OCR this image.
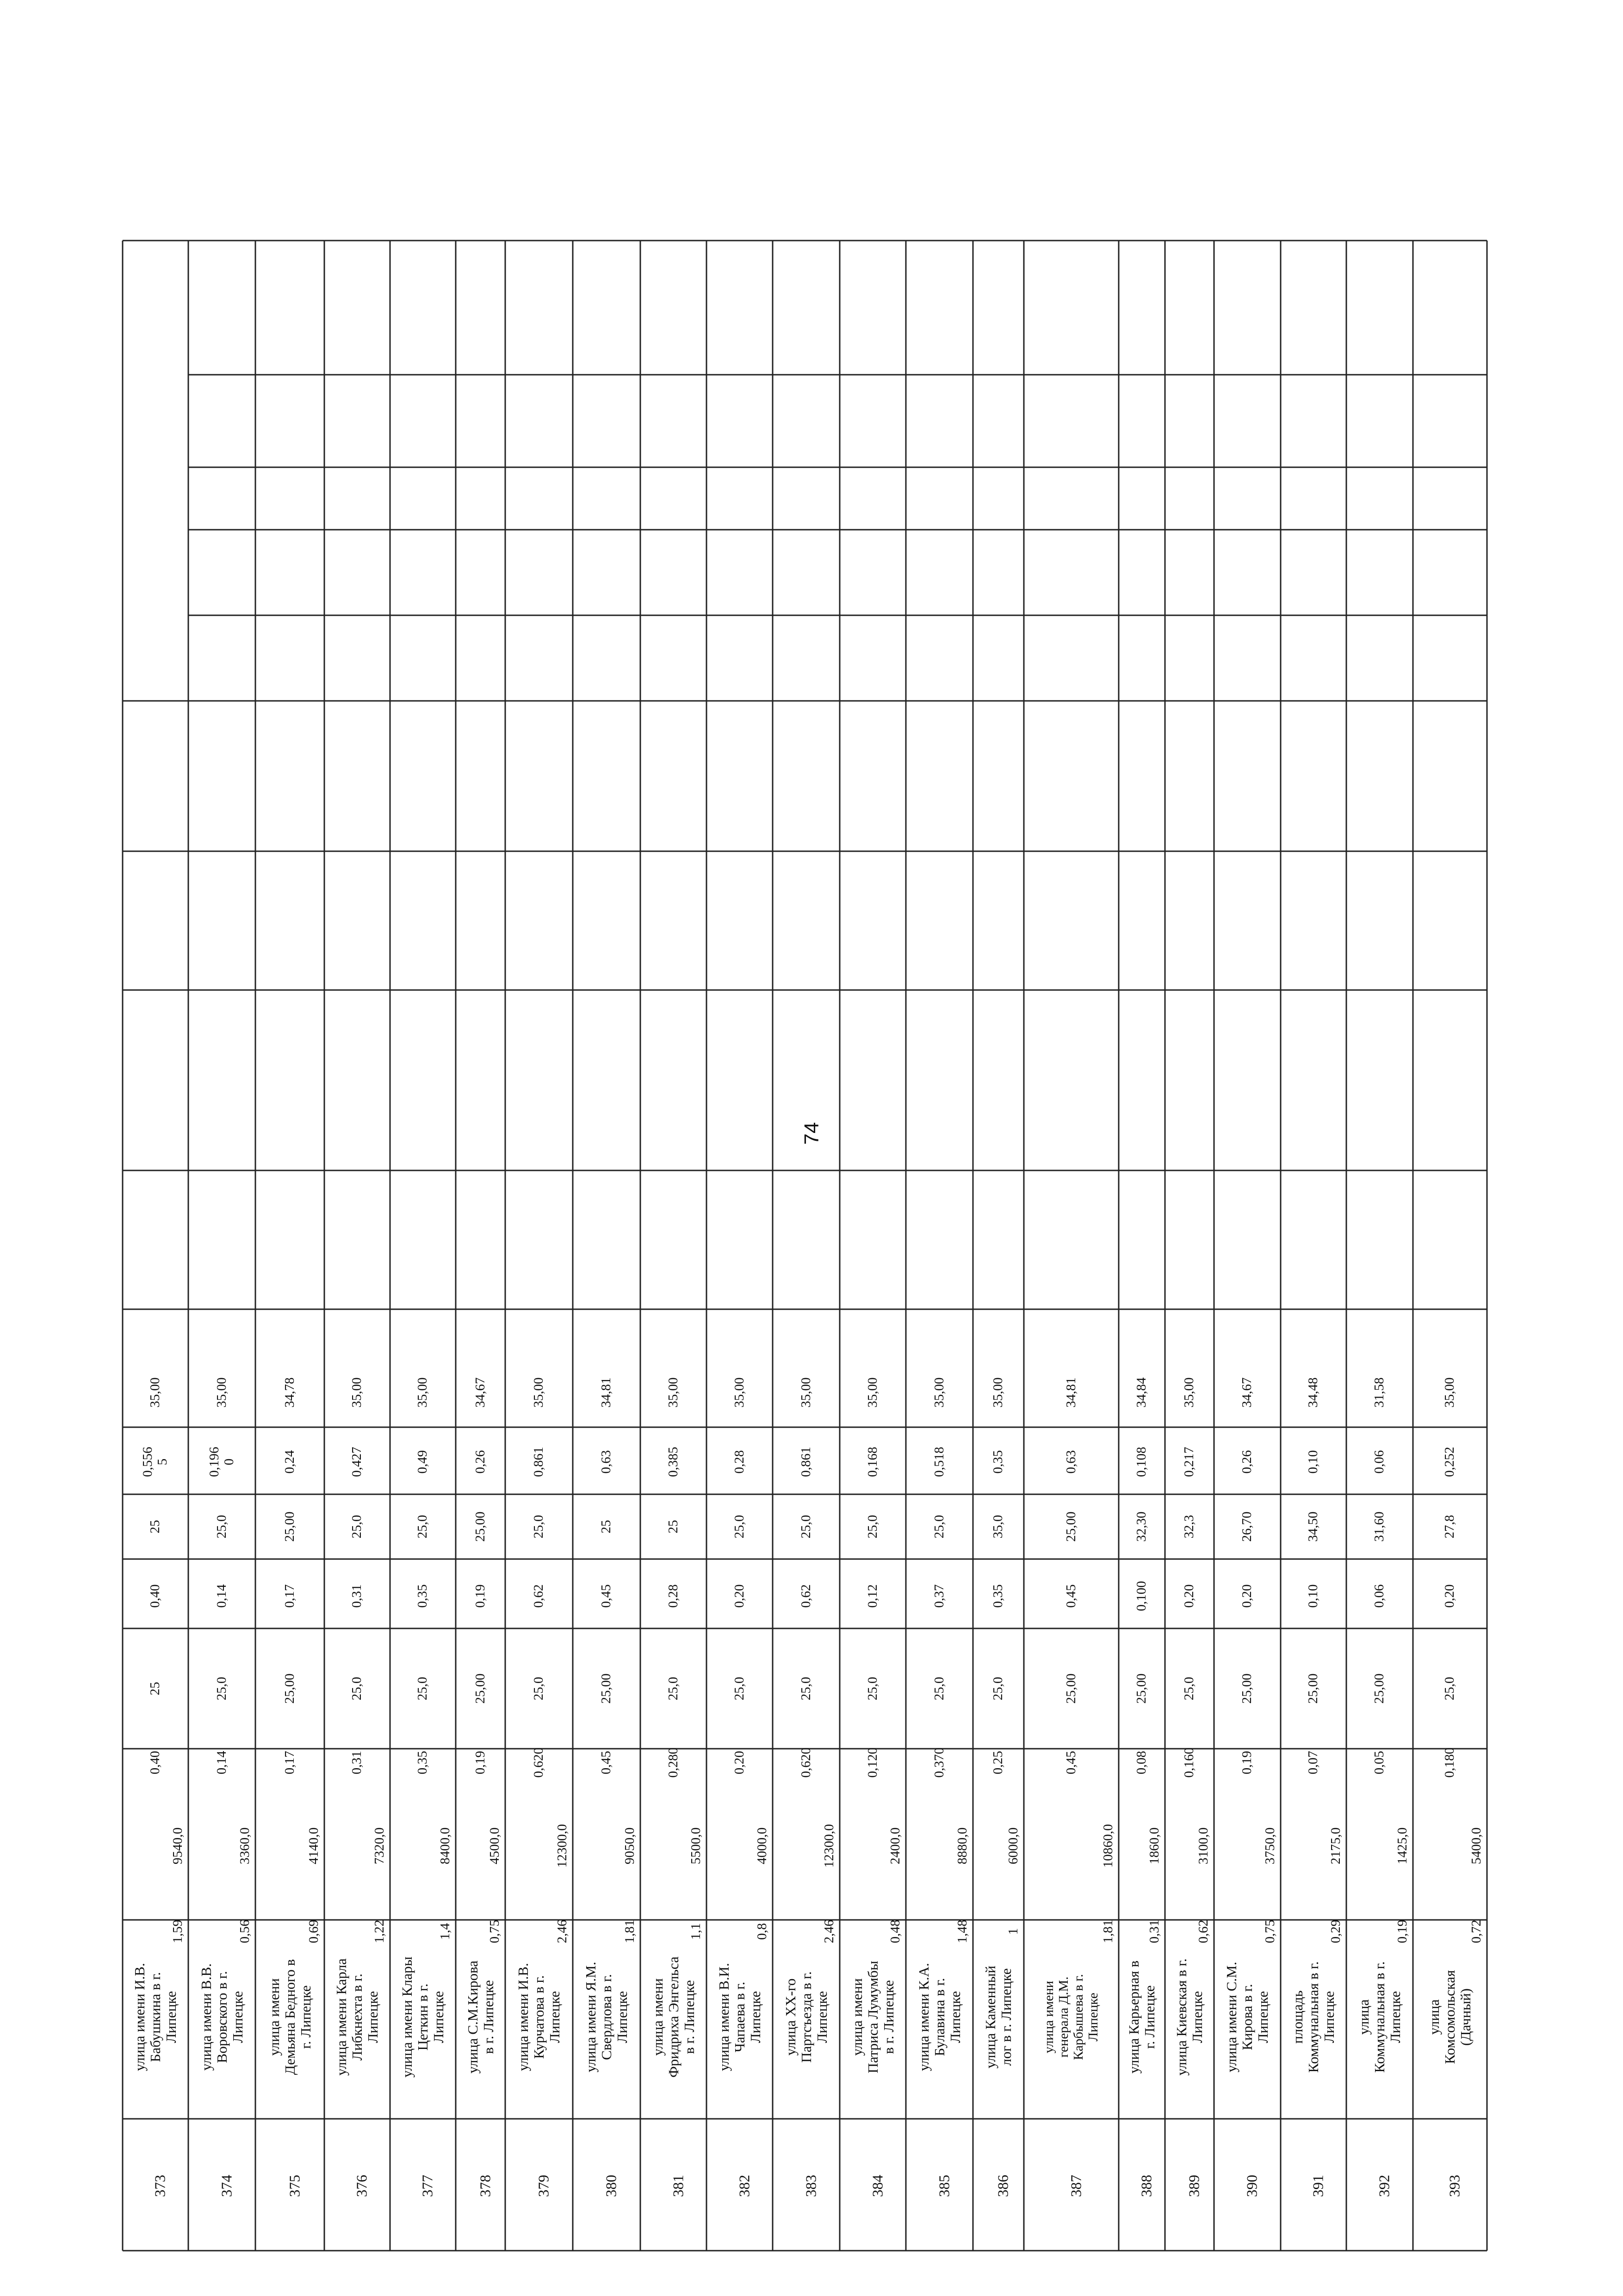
74
373
улица имени И.В. Бабушкина в г. Липецке
1,59
9540,0
0,40
25
0,40
25
0,556
5
35,00
374
улица имени В.В. Воровского в г. Липецке
0,56
3360,0
0,14
25,0
0,14
25,0
0,196
0
35,00
375
улица имени Демьяна Бедного в г. Липецке
0,69
4140,0
0,17
25,00
0,17
25,00
0,24
34,78
376
улица имени Карла Либкнехта в г. Липецке
1,22
7320,0
0,31
25,0
0,31
25,0
0,427
35,00
377
улица имени Клары Цеткин в г. Липецке
1,4
8400,0
0,35
25,0
0,35
25,0
0,49
35,00
378
улица С.М.Кирова в г. Липецке
0,75
4500,0
0,19
25,00
0,19
25,00
0,26
34,67
379
улица имени И.В. Курчатова в г. Липецке
2,46
12300,0
0,620
25,0
0,62
25,0
0,861
35,00
380
улица имени Я.М. Свердлова в г. Липецке
1,81
9050,0
0,45
25,00
0,45
25
0,63
34,81
381
улица имени Фридриха Энгельса в г. Липецке
1,1
5500,0
0,280
25,0
0,28
25
0,385
35,00
382
улица имени В.И. Чапаева в г. Липецке
0,8
4000,0
0,20
25,0
0,20
25,0
0,28
35,00
383
улица XX-го Партсъезда в г. Липецке
2,46
12300,0
0,620
25,0
0,62
25,0
0,861
35,00
384
улица имени Патриса Лумумбы в г. Липецке
0,48
2400,0
0,120
25,0
0,12
25,0
0,168
35,00
385
улица имени К.А. Булавина в г. Липецке
1,48
8880,0
0,370
25,0
0,37
25,0
0,518
35,00
386
улица Каменный лог в г. Липецке
1
6000,0
0,25
25,0
0,35
35,0
0,35
35,00
387
улица имени генерала Д.М. Карбышева в г. Липецке
1,81
10860,0
0,45
25,00
0,45
25,00
0,63
34,81
388
улица Карьерная в г. Липецке
0,31
1860,0
0,08
25,00
0,100
32,30
0,108
34,84
389
улица Киевская в г. Липецке
0,62
3100,0
0,160
25,0
0,20
32,3
0,217
35,00
390
улица имени С.М. Кирова в г. Липецке
0,75
3750,0
0,19
25,00
0,20
26,70
0,26
34,67
391
площадь Коммунальная в г. Липецке
0,29
2175,0
0,07
25,00
0,10
34,50
0,10
34,48
392
улица Коммунальная в г. Липецке
0,19
1425,0
0,05
25,00
0,06
31,60
0,06
31,58
393
улица Комсомольская (Дачный)
0,72
5400,0
0,180
25,0
0,20
27,8
0,252
35,00
